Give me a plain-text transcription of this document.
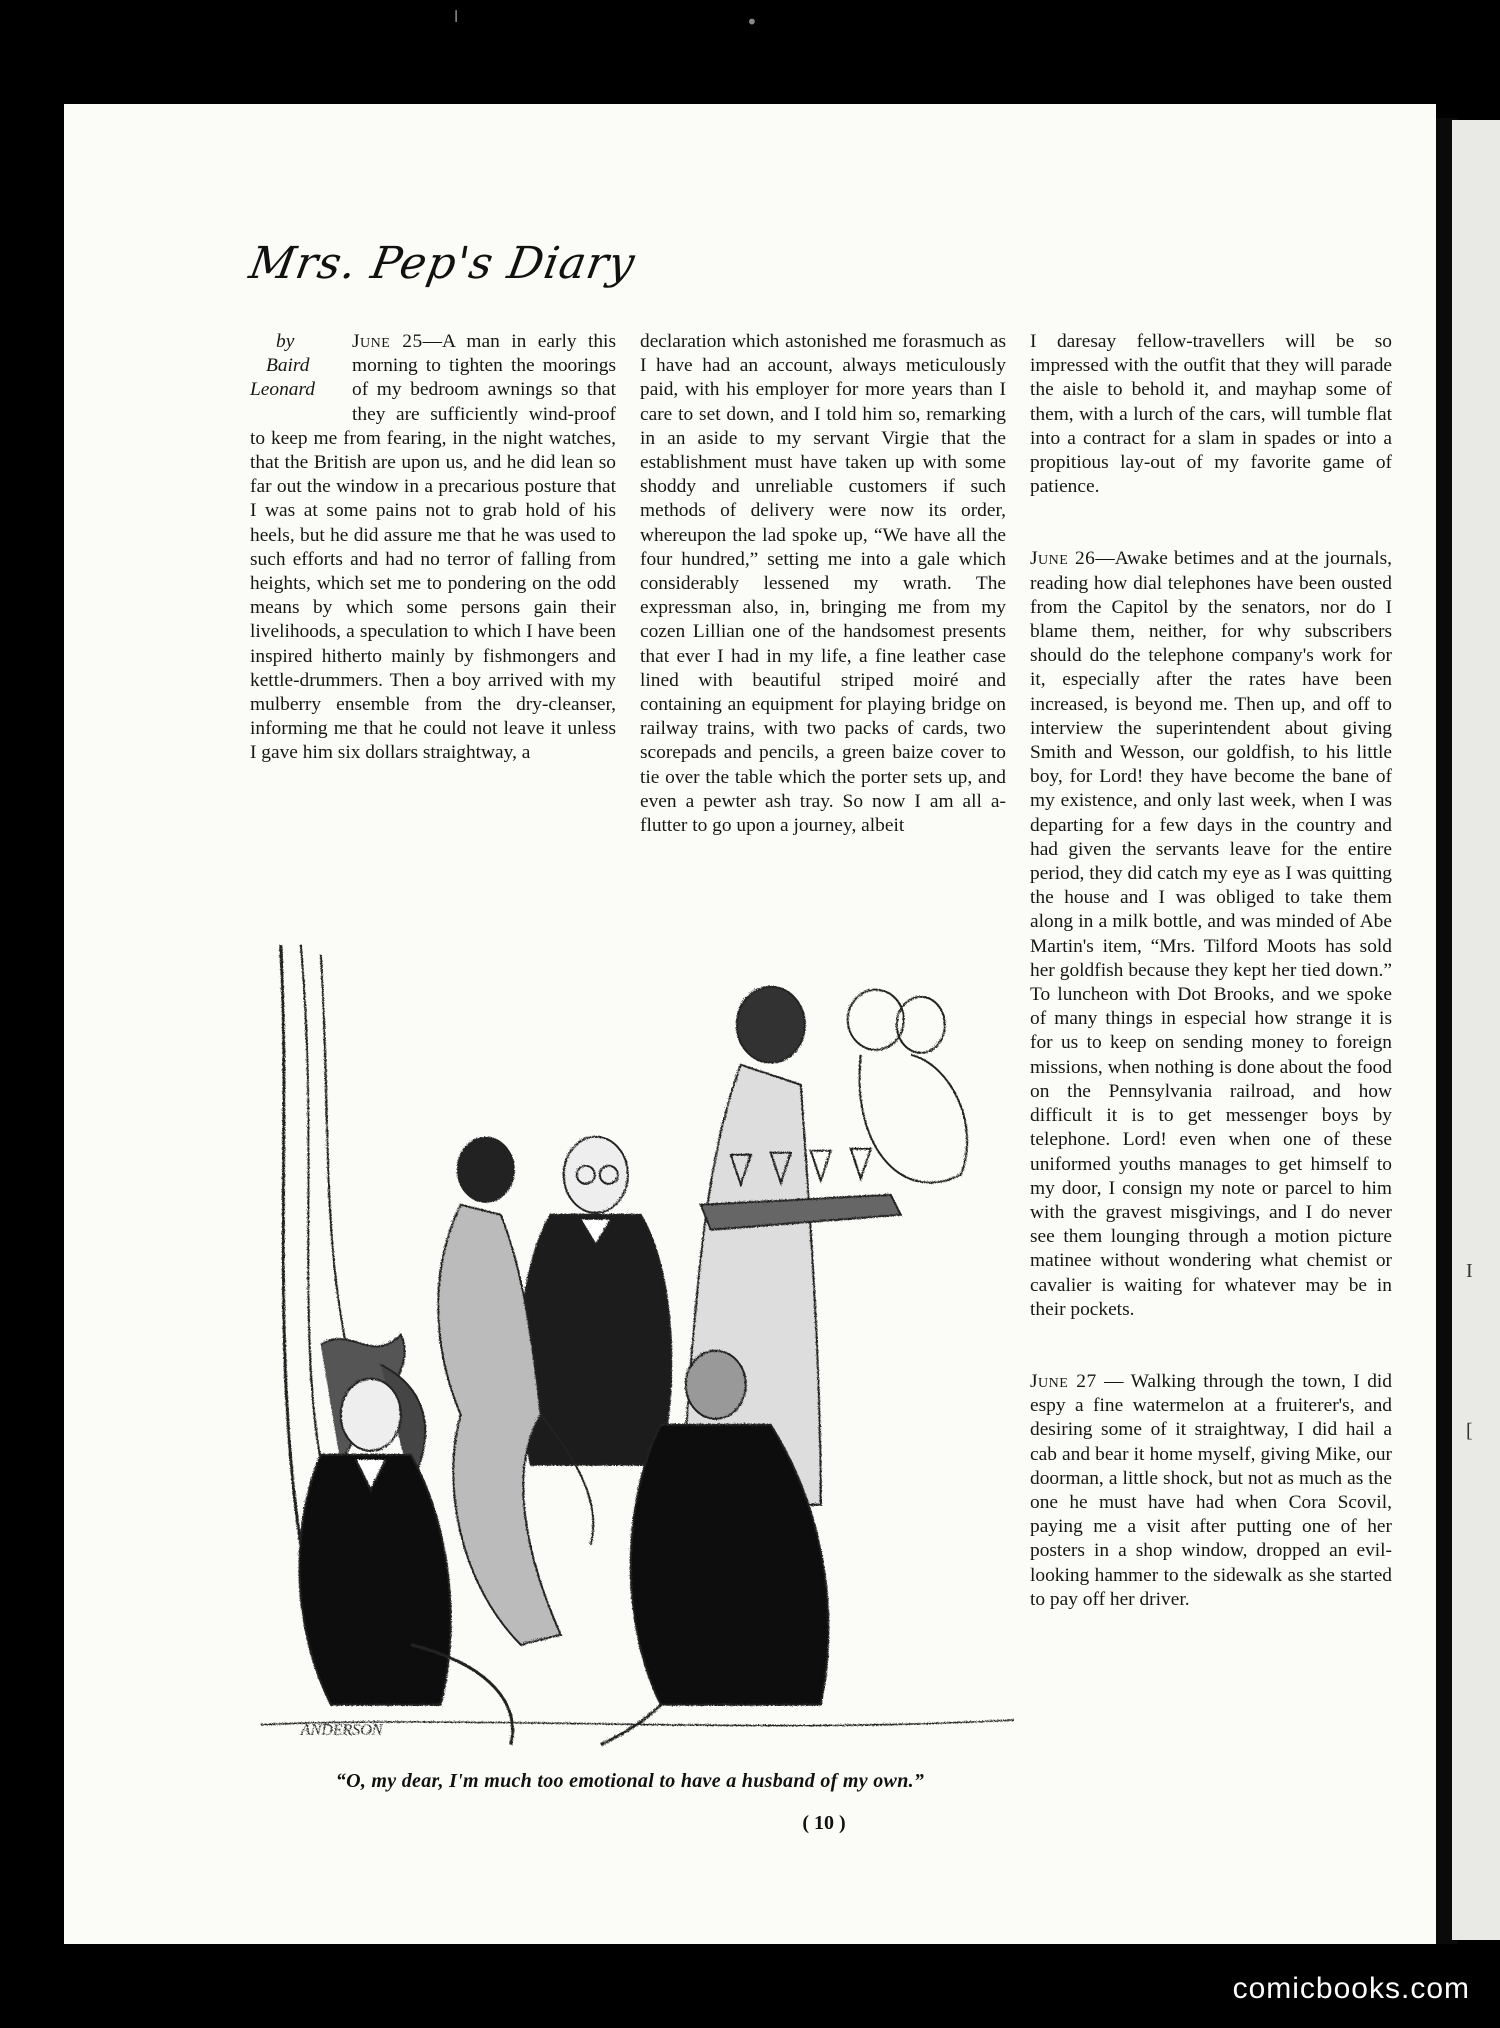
╵	•
Mrs. Pep's Diary
by
Baird
Leonard

June 25—A man in early this morning to tighten the moorings of my bedroom awnings so that they are sufficiently wind-proof to keep me from fearing, in the night watches, that the British are upon us, and he did lean so far out the window in a precarious posture that I was at some pains not to grab hold of his heels, but he did assure me that he was used to such efforts and had no terror of falling from heights, which set me to pondering on the odd means by which some persons gain their livelihoods, a speculation to which I have been inspired hitherto mainly by fishmongers and kettle-drummers. Then a boy arrived with my mulberry ensemble from the dry-cleanser, informing me that he could not leave it unless I gave him six dollars straightway, a

declaration which astonished me forasmuch as I have had an account, always meticulously paid, with his employer for more years than I care to set down, and I told him so, remarking in an aside to my servant Virgie that the establishment must have taken up with some shoddy and unreliable customers if such methods of delivery were now its order, whereupon the lad spoke up, “We have all the four hundred,” setting me into a gale which considerably lessened my wrath. The expressman also, in, bringing me from my cozen Lillian one of the handsomest presents that ever I had in my life, a fine leather case lined with beautiful striped moiré and containing an equipment for playing bridge on railway trains, with two packs of cards, two scorepads and pencils, a green baize cover to tie over the table which the porter sets up, and even a pewter ash tray. So now I am all a-flutter to go upon a journey, albeit

I daresay fellow-travellers will be so impressed with the outfit that they will parade the aisle to behold it, and mayhap some of them, with a lurch of the cars, will tumble flat into a contract for a slam in spades or into a propitious lay-out of my favorite game of patience.

June 26—Awake betimes and at the journals, reading how dial telephones have been ousted from the Capitol by the senators, nor do I blame them, neither, for why subscribers should do the telephone company's work for it, especially after the rates have been increased, is beyond me. Then up, and off to interview the superintendent about giving Smith and Wesson, our goldfish, to his little boy, for Lord! they have become the bane of my existence, and only last week, when I was departing for a few days in the country and had given the servants leave for the entire period, they did catch my eye as I was quitting the house and I was obliged to take them along in a milk bottle, and was minded of Abe Martin's item, “Mrs. Tilford Moots has sold her goldfish because they kept her tied down.” To luncheon with Dot Brooks, and we spoke of many things in especial how strange it is for us to keep on sending money to foreign missions, when nothing is done about the food on the Pennsylvania railroad, and how difficult it is to get messenger boys by telephone. Lord! even when one of these uniformed youths manages to get himself to my door, I consign my note or parcel to him with the gravest misgivings, and I do never see them lounging through a motion picture matinee without wondering what chemist or cavalier is waiting for whatever may be in their pockets.

June 27 — Walking through the town, I did espy a fine watermelon at a fruiterer's, and desiring some of it straightway, I did hail a cab and bear it home myself, giving Mike, our doorman, a little shock, but not as much as the one he must have had when Cora Scovil, paying me a visit after putting one of her posters in a shop window, dropped an evil-looking hammer to the sidewalk as she started to pay off her driver.

ANDERSON
“O, my dear, I'm much too emotional to have a husband of my own.”
( 10 )
I
[
comicbooks.com
